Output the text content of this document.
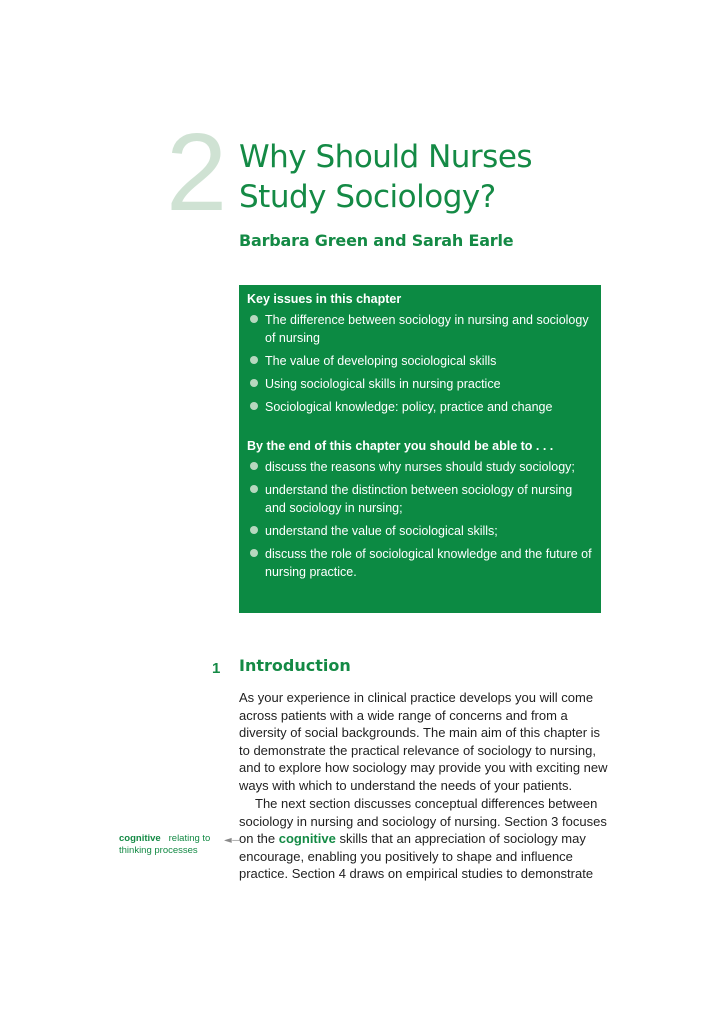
2 Why Should Nurses
Study Sociology?
Barbara Green and Sarah Earle
Key issues in this chapter
The difference between sociology in nursing and sociology of nursing
The value of developing sociological skills
Using sociological skills in nursing practice
Sociological knowledge: policy, practice and change
By the end of this chapter you should be able to . . .
discuss the reasons why nurses should study sociology;
understand the distinction between sociology of nursing and sociology in nursing;
understand the value of sociological skills;
discuss the role of sociological knowledge and the future of nursing practice.
1 Introduction

As your experience in clinical practice develops you will come across patients with a wide range of concerns and from a diversity of social backgrounds. The main aim of this chapter is to demonstrate the practical relevance of sociology to nursing, and to explore how sociology may provide you with exciting new ways with which to understand the needs of your patients.

The next section discusses conceptual differences between sociology in nursing and sociology of nursing. Section 3 focuses on the cognitive skills that an appreciation of sociology may encourage, enabling you positively to shape and influence practice. Section 4 draws on empirical studies to demonstrate

cognitive relating to thinking processes
◄—
